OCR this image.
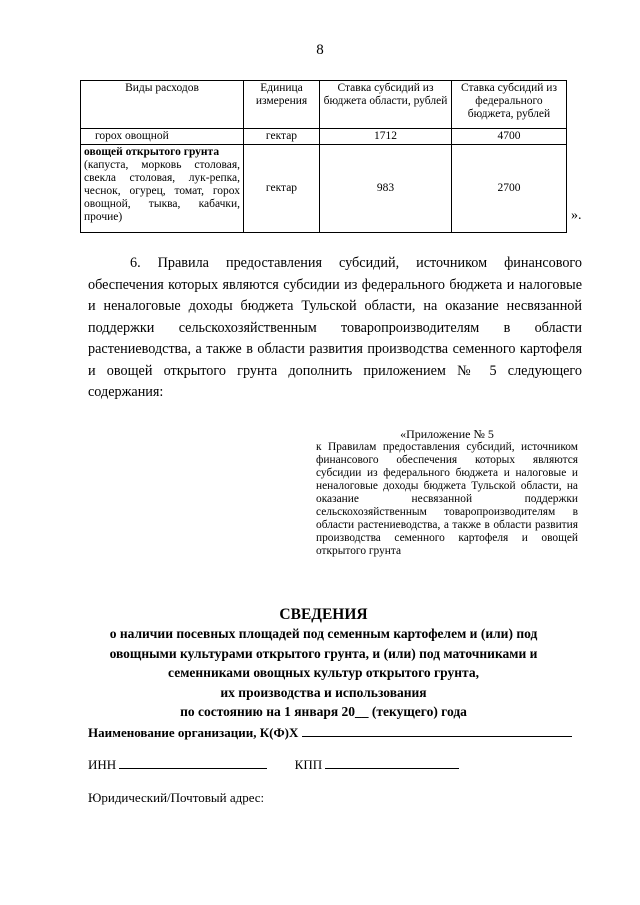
8
Виды расходов	Единица измерения	Ставка субсидий из бюджета области, рублей	Ставка субсидий из федерального бюджета, рублей
горох овощной	гектар	1712	4700
овощей открытого грунта
(капуста, морковь столовая, свекла столовая, лук-репка, чеснок, огурец, томат, горох овощной, тыква, кабачки, прочие)	гектар	983	2700
».

6. Правила предоставления субсидий, источником финансового обеспечения которых являются субсидии из федерального бюджета и налоговые и неналоговые доходы бюджета Тульской области, на оказание несвязанной поддержки сельскохозяйственным товаропроизводителям в области растениеводства, а также в области развития производства семенного картофеля и овощей открытого грунта дополнить приложением № 5 следующего содержания:

«Приложение № 5

к Правилам предоставления субсидий, источником финансового обеспечения которых являются субсидии из федерального бюджета и налоговые и неналоговые доходы бюджета Тульской области, на оказание несвязанной поддержки сельскохозяйственным товаропроизводителям в области растениеводства, а также в области развития производства семенного картофеля и овощей открытого грунта

СВЕДЕНИЯ
о наличии посевных площадей под семенным картофелем и (или) под
овощными культурами открытого грунта, и (или) под маточниками и
семенниками овощных культур открытого грунта,
их производства и использования
по состоянию на 1 января 20__ (текущего) года
Наименование организации, К(Ф)Х
ИНН	КПП
Юридический/Почтовый адрес:
